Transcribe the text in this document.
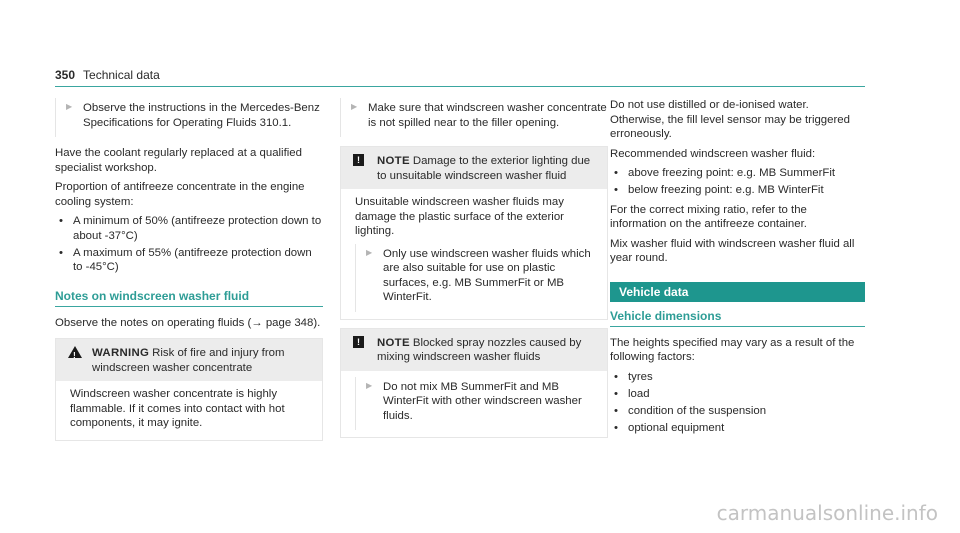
350 Technical data
▶ Observe the instructions in the Mercedes-Benz Specifications for Operating Fluids 310.1.

Have the coolant regularly replaced at a qualified specialist workshop.

Proportion of antifreeze concentrate in the engine cooling system:

• A minimum of 50% (antifreeze protection down to about -37°C)
• A maximum of 55% (antifreeze protection down to -45°C)
Notes on windscreen washer fluid

Observe the notes on operating fluids (→ page 348).

! WARNING Risk of fire and injury from windscreen washer concentrate

Windscreen washer concentrate is highly flammable. If it comes into contact with hot components, it may ignite.

▶ Make sure that windscreen washer concentrate is not spilled near to the filler opening.

!	NOTE Damage to the exterior lighting due to unsuitable windscreen washer fluid

Unsuitable windscreen washer fluids may damage the plastic surface of the exterior lighting.

▶ Only use windscreen washer fluids which are also suitable for use on plastic surfaces, e.g. MB SummerFit or MB WinterFit.

!	NOTE Blocked spray nozzles caused by mixing windscreen washer fluids
▶ Do not mix MB SummerFit and MB WinterFit with other windscreen washer fluids.

Do not use distilled or de-ionised water. Otherwise, the fill level sensor may be triggered erroneously.

Recommended windscreen washer fluid:

• above freezing point: e.g. MB SummerFit
• below freezing point: e.g. MB WinterFit

For the correct mixing ratio, refer to the information on the antifreeze container.

Mix washer fluid with windscreen washer fluid all year round.

Vehicle data
Vehicle dimensions

The heights specified may vary as a result of the following factors:

• tyres
• load
• condition of the suspension
• optional equipment
carmanualsonline.info
